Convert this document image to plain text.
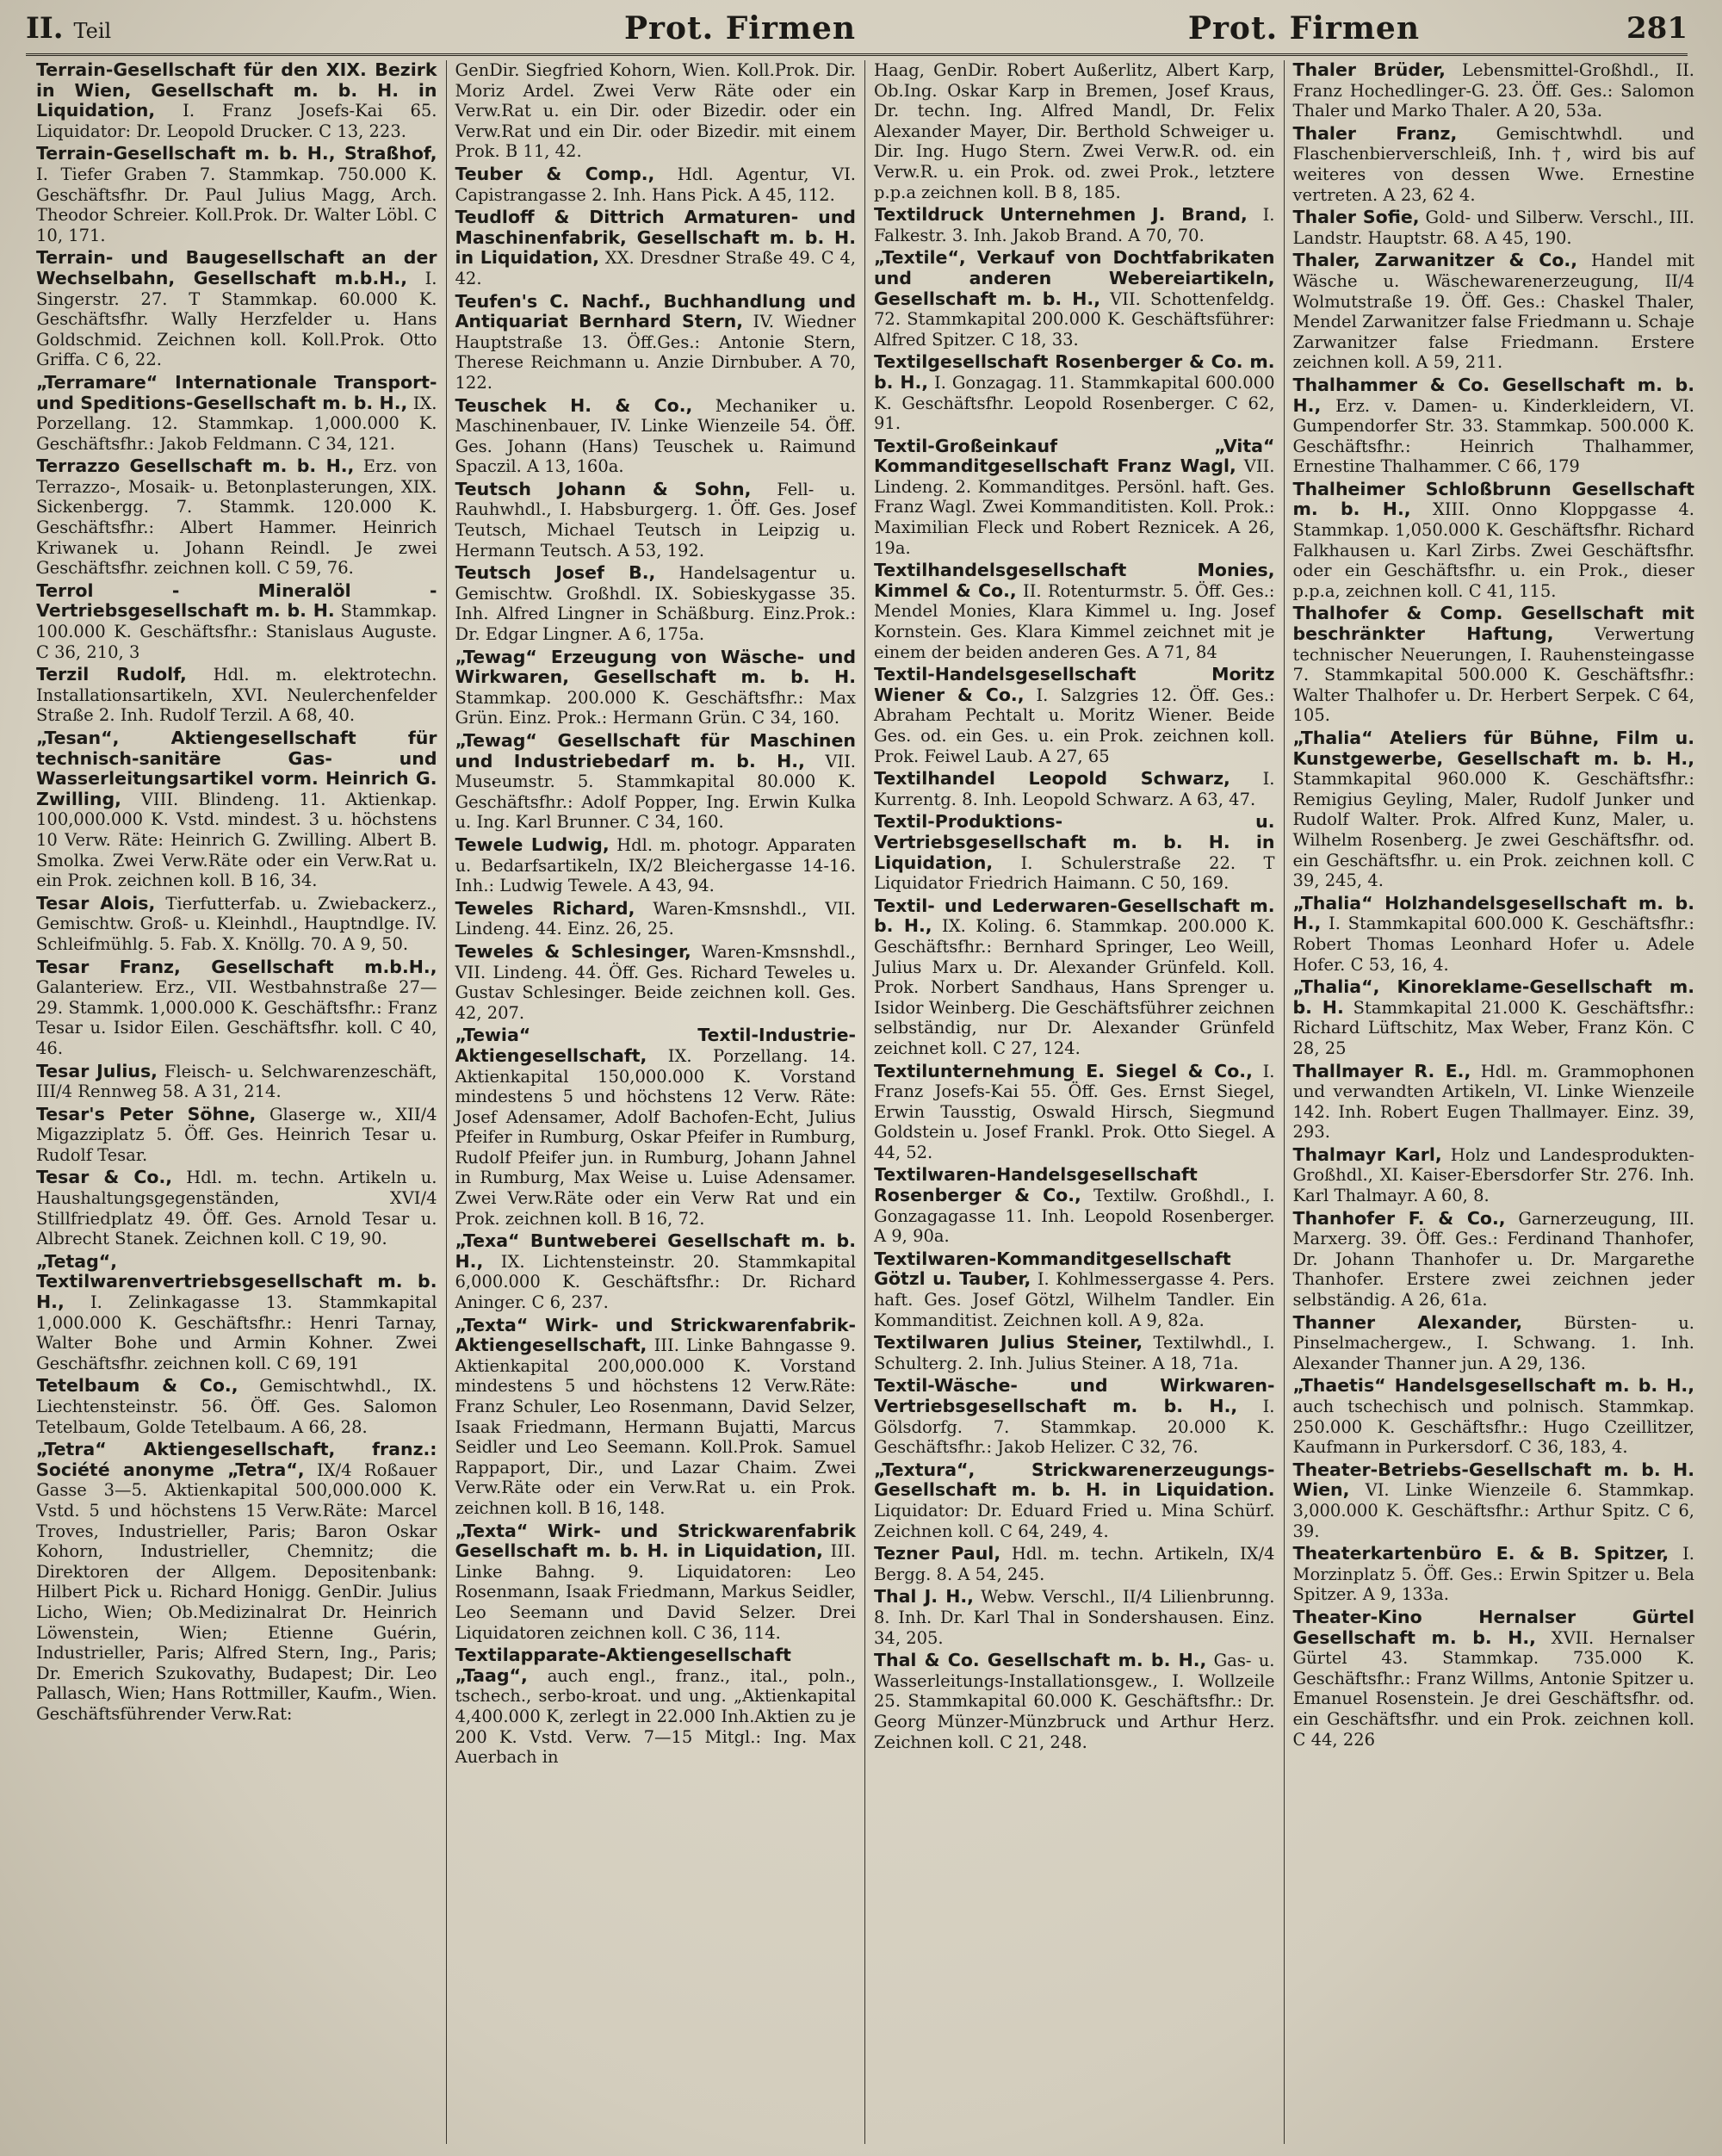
II. Teil	Prot. Firmen	Prot. Firmen	281
Terrain-Gesellschaft für den XIX. Bezirk in Wien, Gesellschaft m. b. H. in Liquidation, I. Franz Josefs-Kai 65. Liquidator: Dr. Leopold Drucker. C 13, 223.
Terrain-Gesellschaft m. b. H., Straßhof, I. Tiefer Graben 7. Stammkap. 750.000 K. Geschäftsfhr. Dr. Paul Julius Magg, Arch. Theodor Schreier. Koll.Prok. Dr. Walter Löbl. C 10, 171.
Terrain- und Baugesellschaft an der Wechselbahn, Gesellschaft m.b.H., I. Singerstr. 27. T Stammkap. 60.000 K. Geschäftsfhr. Wally Herzfelder u. Hans Goldschmid. Zeichnen koll. Koll.Prok. Otto Griffa. C 6, 22.
„Terramare“ Internationale Transport- und Speditions-Gesellschaft m. b. H., IX. Porzellang. 12. Stammkap. 1,000.000 K. Geschäftsfhr.: Jakob Feldmann. C 34, 121.
Terrazzo Gesellschaft m. b. H., Erz. von Terrazzo-, Mosaik- u. Betonplasterungen, XIX. Sickenbergg. 7. Stammk. 120.000 K. Geschäftsfhr.: Albert Hammer. Heinrich Kriwanek u. Johann Reindl. Je zwei Geschäftsfhr. zeichnen koll. C 59, 76.
Terrol - Mineralöl - Vertriebsgesellschaft m. b. H. Stammkap. 100.000 K. Geschäftsfhr.: Stanislaus Auguste. C 36, 210, 3
Terzil Rudolf, Hdl. m. elektrotechn. Installationsartikeln, XVI. Neulerchenfelder Straße 2. Inh. Rudolf Terzil. A 68, 40.
„Tesan“, Aktiengesellschaft für technisch-sanitäre Gas- und Wasserleitungsartikel vorm. Heinrich G. Zwilling, VIII. Blindeng. 11. Aktienkap. 100,000.000 K. Vstd. mindest. 3 u. höchstens 10 Verw. Räte: Heinrich G. Zwilling. Albert B. Smolka. Zwei Verw.Räte oder ein Verw.Rat u. ein Prok. zeichnen koll. B 16, 34.
Tesar Alois, Tierfutterfab. u. Zwiebackerz., Gemischtw. Groß- u. Kleinhdl., Hauptndlge. IV. Schleifmühlg. 5. Fab. X. Knöllg. 70. A 9, 50.
Tesar Franz, Gesellschaft m.b.H., Galanteriew. Erz., VII. Westbahnstraße 27—29. Stammk. 1,000.000 K. Geschäftsfhr.: Franz Tesar u. Isidor Eilen. Geschäftsfhr. koll. C 40, 46.
Tesar Julius, Fleisch- u. Selchwarenzeschäft, III/4 Rennweg 58. A 31, 214.
Tesar's Peter Söhne, Glaserge w., XII/4 Migazziplatz 5. Öff. Ges. Heinrich Tesar u. Rudolf Tesar.
Tesar & Co., Hdl. m. techn. Artikeln u. Haushaltungsgegenständen, XVI/4 Stillfriedplatz 49. Öff. Ges. Arnold Tesar u. Albrecht Stanek. Zeichnen koll. C 19, 90.
„Tetag“, Textilwarenvertriebsgesellschaft m. b. H., I. Zelinkagasse 13. Stammkapital 1,000.000 K. Geschäftsfhr.: Henri Tarnay, Walter Bohe und Armin Kohner. Zwei Geschäftsfhr. zeichnen koll. C 69, 191
Tetelbaum & Co., Gemischtwhdl., IX. Liechtensteinstr. 56. Öff. Ges. Salomon Tetelbaum, Golde Tetelbaum. A 66, 28.
„Tetra“ Aktiengesellschaft, franz.: Société anonyme „Tetra“, IX/4 Roßauer Gasse 3—5. Aktienkapital 500,000.000 K. Vstd. 5 und höchstens 15 Verw.Räte: Marcel Troves, Industrieller, Paris; Baron Oskar Kohorn, Industrieller, Chemnitz; die Direktoren der Allgem. Depositenbank: Hilbert Pick u. Richard Honigg. GenDir. Julius Licho, Wien; Ob.Medizinalrat Dr. Heinrich Löwenstein, Wien; Etienne Guérin, Industrieller, Paris; Alfred Stern, Ing., Paris; Dr. Emerich Szukovathy, Budapest; Dir. Leo Pallasch, Wien; Hans Rottmiller, Kaufm., Wien. Geschäftsführender Verw.Rat:
GenDir. Siegfried Kohorn, Wien. Koll.Prok. Dir. Moriz Ardel. Zwei Verw Räte oder ein Verw.Rat u. ein Dir. oder Bizedir. oder ein Verw.Rat und ein Dir. oder Bizedir. mit einem Prok. B 11, 42.
Teuber & Comp., Hdl. Agentur, VI. Capistrangasse 2. Inh. Hans Pick. A 45, 112.
Teudloff & Dittrich Armaturen- und Maschinenfabrik, Gesellschaft m. b. H. in Liquidation, XX. Dresdner Straße 49. C 4, 42.
Teufen's C. Nachf., Buchhandlung und Antiquariat Bernhard Stern, IV. Wiedner Hauptstraße 13. Öff.Ges.: Antonie Stern, Therese Reichmann u. Anzie Dirnbuber. A 70, 122.
Teuschek H. & Co., Mechaniker u. Maschinenbauer, IV. Linke Wienzeile 54. Öff. Ges. Johann (Hans) Teuschek u. Raimund Spaczil. A 13, 160a.
Teutsch Johann & Sohn, Fell- u. Rauhwhdl., I. Habsburgerg. 1. Öff. Ges. Josef Teutsch, Michael Teutsch in Leipzig u. Hermann Teutsch. A 53, 192.
Teutsch Josef B., Handelsagentur u. Gemischtw. Großhdl. IX. Sobieskygasse 35. Inh. Alfred Lingner in Schäßburg. Einz.Prok.: Dr. Edgar Lingner. A 6, 175a.
„Tewag“ Erzeugung von Wäsche- und Wirkwaren, Gesellschaft m. b. H. Stammkap. 200.000 K. Geschäftsfhr.: Max Grün. Einz. Prok.: Hermann Grün. C 34, 160.
„Tewag“ Gesellschaft für Maschinen und Industriebedarf m. b. H., VII. Museumstr. 5. Stammkapital 80.000 K. Geschäftsfhr.: Adolf Popper, Ing. Erwin Kulka u. Ing. Karl Brunner. C 34, 160.
Tewele Ludwig, Hdl. m. photogr. Apparaten u. Bedarfsartikeln, IX/2 Bleichergasse 14-16. Inh.: Ludwig Tewele. A 43, 94.
Teweles Richard, Waren-Kmsnshdl., VII. Lindeng. 44. Einz. 26, 25.
Teweles & Schlesinger, Waren-Kmsnshdl., VII. Lindeng. 44. Öff. Ges. Richard Teweles u. Gustav Schlesinger. Beide zeichnen koll. Ges. 42, 207.
„Tewia“ Textil-Industrie-Aktiengesellschaft, IX. Porzellang. 14. Aktienkapital 150,000.000 K. Vorstand mindestens 5 und höchstens 12 Verw. Räte: Josef Adensamer, Adolf Bachofen-Echt, Julius Pfeifer in Rumburg, Oskar Pfeifer in Rumburg, Rudolf Pfeifer jun. in Rumburg, Johann Jahnel in Rumburg, Max Weise u. Luise Adensamer. Zwei Verw.Räte oder ein Verw Rat und ein Prok. zeichnen koll. B 16, 72.
„Texa“ Buntweberei Gesellschaft m. b. H., IX. Lichtensteinstr. 20. Stammkapital 6,000.000 K. Geschäftsfhr.: Dr. Richard Aninger. C 6, 237.
„Texta“ Wirk- und Strickwarenfabrik-Aktiengesellschaft, III. Linke Bahngasse 9. Aktienkapital 200,000.000 K. Vorstand mindestens 5 und höchstens 12 Verw.Räte: Franz Schuler, Leo Rosenmann, David Selzer, Isaak Friedmann, Hermann Bujatti, Marcus Seidler und Leo Seemann. Koll.Prok. Samuel Rappaport, Dir., und Lazar Chaim. Zwei Verw.Räte oder ein Verw.Rat u. ein Prok. zeichnen koll. B 16, 148.
„Texta“ Wirk- und Strickwarenfabrik Gesellschaft m. b. H. in Liquidation, III. Linke Bahng. 9. Liquidatoren: Leo Rosenmann, Isaak Friedmann, Markus Seidler, Leo Seemann und David Selzer. Drei Liquidatoren zeichnen koll. C 36, 114.
Textilapparate-Aktiengesellschaft „Taag“, auch engl., franz., ital., poln., tschech., serbo-kroat. und ung. „Aktienkapital 4,400.000 K, zerlegt in 22.000 Inh.Aktien zu je 200 K. Vstd. Verw. 7—15 Mitgl.: Ing. Max Auerbach in
Haag, GenDir. Robert Außerlitz, Albert Karp, Ob.Ing. Oskar Karp in Bremen, Josef Kraus, Dr. techn. Ing. Alfred Mandl, Dr. Felix Alexander Mayer, Dir. Berthold Schweiger u. Dir. Ing. Hugo Stern. Zwei Verw.R. od. ein Verw.R. u. ein Prok. od. zwei Prok., letztere p.p.a zeichnen koll. B 8, 185.
Textildruck Unternehmen J. Brand, I. Falkestr. 3. Inh. Jakob Brand. A 70, 70.
„Textile“, Verkauf von Dochtfabrikaten und anderen Webereiartikeln, Gesellschaft m. b. H., VII. Schottenfeldg. 72. Stammkapital 200.000 K. Geschäftsführer: Alfred Spitzer. C 18, 33.
Textilgesellschaft Rosenberger & Co. m. b. H., I. Gonzagag. 11. Stammkapital 600.000 K. Geschäftsfhr. Leopold Rosenberger. C 62, 91.
Textil-Großeinkauf „Vita“ Kommanditgesellschaft Franz Wagl, VII. Lindeng. 2. Kommanditges. Persönl. haft. Ges. Franz Wagl. Zwei Kommanditisten. Koll. Prok.: Maximilian Fleck und Robert Reznicek. A 26, 19a.
Textilhandelsgesellschaft Monies, Kimmel & Co., II. Rotenturmstr. 5. Öff. Ges.: Mendel Monies, Klara Kimmel u. Ing. Josef Kornstein. Ges. Klara Kimmel zeichnet mit je einem der beiden anderen Ges. A 71, 84
Textil-Handelsgesellschaft Moritz Wiener & Co., I. Salzgries 12. Öff. Ges.: Abraham Pechtalt u. Moritz Wiener. Beide Ges. od. ein Ges. u. ein Prok. zeichnen koll. Prok. Feiwel Laub. A 27, 65
Textilhandel Leopold Schwarz, I. Kurrentg. 8. Inh. Leopold Schwarz. A 63, 47.
Textil-Produktions- u. Vertriebsgesellschaft m. b. H. in Liquidation, I. Schulerstraße 22. T Liquidator Friedrich Haimann. C 50, 169.
Textil- und Lederwaren-Gesellschaft m. b. H., IX. Koling. 6. Stammkap. 200.000 K. Geschäftsfhr.: Bernhard Springer, Leo Weill, Julius Marx u. Dr. Alexander Grünfeld. Koll. Prok. Norbert Sandhaus, Hans Sprenger u. Isidor Weinberg. Die Geschäftsführer zeichnen selbständig, nur Dr. Alexander Grünfeld zeichnet koll. C 27, 124.
Textilunternehmung E. Siegel & Co., I. Franz Josefs-Kai 55. Öff. Ges. Ernst Siegel, Erwin Tausstig, Oswald Hirsch, Siegmund Goldstein u. Josef Frankl. Prok. Otto Siegel. A 44, 52.
Textilwaren-Handelsgesellschaft Rosenberger & Co., Textilw. Großhdl., I. Gonzagagasse 11. Inh. Leopold Rosenberger. A 9, 90a.
Textilwaren-Kommanditgesellschaft Götzl u. Tauber, I. Kohlmessergasse 4. Pers. haft. Ges. Josef Götzl, Wilhelm Tandler. Ein Kommanditist. Zeichnen koll. A 9, 82a.
Textilwaren Julius Steiner, Textilwhdl., I. Schulterg. 2. Inh. Julius Steiner. A 18, 71a.
Textil-Wäsche- und Wirkwaren-Vertriebsgesellschaft m. b. H., I. Gölsdorfg. 7. Stammkap. 20.000 K. Geschäftsfhr.: Jakob Helizer. C 32, 76.
„Textura“, Strickwarenerzeugungs-Gesellschaft m. b. H. in Liquidation. Liquidator: Dr. Eduard Fried u. Mina Schürf. Zeichnen koll. C 64, 249, 4.
Tezner Paul, Hdl. m. techn. Artikeln, IX/4 Bergg. 8. A 54, 245.
Thal J. H., Webw. Verschl., II/4 Lilienbrunng. 8. Inh. Dr. Karl Thal in Sondershausen. Einz. 34, 205.
Thal & Co. Gesellschaft m. b. H., Gas- u. Wasserleitungs-Installationsgew., I. Wollzeile 25. Stammkapital 60.000 K. Geschäftsfhr.: Dr. Georg Münzer-Münzbruck und Arthur Herz. Zeichnen koll. C 21, 248.
Thaler Brüder, Lebensmittel-Großhdl., II. Franz Hochedlinger-G. 23. Öff. Ges.: Salomon Thaler und Marko Thaler. A 20, 53a.
Thaler Franz, Gemischtwhdl. und Flaschenbierverschleiß, Inh. †, wird bis auf weiteres von dessen Wwe. Ernestine vertreten. A 23, 62 4.
Thaler Sofie, Gold- und Silberw. Verschl., III. Landstr. Hauptstr. 68. A 45, 190.
Thaler, Zarwanitzer & Co., Handel mit Wäsche u. Wäschewarenerzeugung, II/4 Wolmutstraße 19. Öff. Ges.: Chaskel Thaler, Mendel Zarwanitzer false Friedmann u. Schaje Zarwanitzer false Friedmann. Erstere zeichnen koll. A 59, 211.
Thalhammer & Co. Gesellschaft m. b. H., Erz. v. Damen- u. Kinderkleidern, VI. Gumpendorfer Str. 33. Stammkap. 500.000 K. Geschäftsfhr.: Heinrich Thalhammer, Ernestine Thalhammer. C 66, 179
Thalheimer Schloßbrunn Gesellschaft m. b. H., XIII. Onno Kloppgasse 4. Stammkap. 1,050.000 K. Geschäftsfhr. Richard Falkhausen u. Karl Zirbs. Zwei Geschäftsfhr. oder ein Geschäftsfhr. u. ein Prok., dieser p.p.a, zeichnen koll. C 41, 115.
Thalhofer & Comp. Gesellschaft mit beschränkter Haftung, Verwertung technischer Neuerungen, I. Rauhensteingasse 7. Stammkapital 500.000 K. Geschäftsfhr.: Walter Thalhofer u. Dr. Herbert Serpek. C 64, 105.
„Thalia“ Ateliers für Bühne, Film u. Kunstgewerbe, Gesellschaft m. b. H., Stammkapital 960.000 K. Geschäftsfhr.: Remigius Geyling, Maler, Rudolf Junker und Rudolf Walter. Prok. Alfred Kunz, Maler, u. Wilhelm Rosenberg. Je zwei Geschäftsfhr. od. ein Geschäftsfhr. u. ein Prok. zeichnen koll. C 39, 245, 4.
„Thalia“ Holzhandelsgesellschaft m. b. H., I. Stammkapital 600.000 K. Geschäftsfhr.: Robert Thomas Leonhard Hofer u. Adele Hofer. C 53, 16, 4.
„Thalia“, Kinoreklame-Gesellschaft m. b. H. Stammkapital 21.000 K. Geschäftsfhr.: Richard Lüftschitz, Max Weber, Franz Kön. C 28, 25
Thallmayer R. E., Hdl. m. Grammophonen und verwandten Artikeln, VI. Linke Wienzeile 142. Inh. Robert Eugen Thallmayer. Einz. 39, 293.
Thalmayr Karl, Holz und Landesprodukten-Großhdl., XI. Kaiser-Ebersdorfer Str. 276. Inh. Karl Thalmayr. A 60, 8.
Thanhofer F. & Co., Garnerzeugung, III. Marxerg. 39. Öff. Ges.: Ferdinand Thanhofer, Dr. Johann Thanhofer u. Dr. Margarethe Thanhofer. Erstere zwei zeichnen jeder selbständig. A 26, 61a.
Thanner Alexander, Bürsten- u. Pinselmachergew., I. Schwang. 1. Inh. Alexander Thanner jun. A 29, 136.
„Thaetis“ Handelsgesellschaft m. b. H., auch tschechisch und polnisch. Stammkap. 250.000 K. Geschäftsfhr.: Hugo Czeillitzer, Kaufmann in Purkersdorf. C 36, 183, 4.
Theater-Betriebs-Gesellschaft m. b. H. Wien, VI. Linke Wienzeile 6. Stammkap. 3,000.000 K. Geschäftsfhr.: Arthur Spitz. C 6, 39.
Theaterkartenbüro E. & B. Spitzer, I. Morzinplatz 5. Öff. Ges.: Erwin Spitzer u. Bela Spitzer. A 9, 133a.
Theater-Kino Hernalser Gürtel Gesellschaft m. b. H., XVII. Hernalser Gürtel 43. Stammkap. 735.000 K. Geschäftsfhr.: Franz Willms, Antonie Spitzer u. Emanuel Rosenstein. Je drei Geschäftsfhr. od. ein Geschäftsfhr. und ein Prok. zeichnen koll. C 44, 226
